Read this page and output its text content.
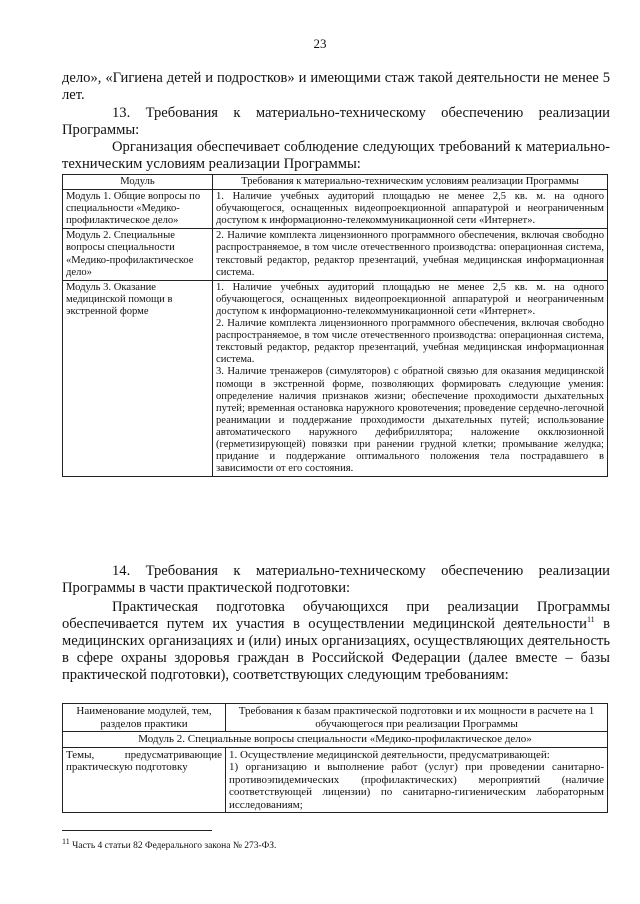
23

дело», «Гигиена детей и подростков» и имеющими стаж такой деятельности не менее 5 лет.

13. Требования к материально-техническому обеспечению реализации Программы:

Организация обеспечивает соблюдение следующих требований к материально-техническим условиям реализации Программы:

Модуль	Требования к материально-техническим условиям реализации Программы
Модуль 1. Общие вопросы по специальности «Медико-профилактическое дело»	1. Наличие учебных аудиторий площадью не менее 2,5 кв. м. на одного обучающегося, оснащенных видеопроекционной аппаратурой и неограниченным доступом к информационно-телекоммуникационной сети «Интернет».
Модуль 2. Специальные вопросы специальности «Медико-профилактическое дело»	2. Наличие комплекта лицензионного программного обеспечения, включая свободно распространяемое, в том числе отечественного производства: операционная система, текстовый редактор, редактор презентаций, учебная медицинская информационная система.
Модуль 3. Оказание медицинской помощи в экстренной форме	1. Наличие учебных аудиторий площадью не менее 2,5 кв. м. на одного обучающегося, оснащенных видеопроекционной аппаратурой и неограниченным доступом к информационно-телекоммуникационной сети «Интернет».
2. Наличие комплекта лицензионного программного обеспечения, включая свободно распространяемое, в том числе отечественного производства: операционная система, текстовый редактор, редактор презентаций, учебная медицинская информационная система.
3. Наличие тренажеров (симуляторов) с обратной связью для оказания медицинской помощи в экстренной форме, позволяющих формировать следующие умения: определение наличия признаков жизни; обеспечение проходимости дыхательных путей; временная остановка наружного кровотечения; проведение сердечно-легочной реанимации и поддержание проходимости дыхательных путей; использование автоматического наружного дефибриллятора; наложение окклюзионной (герметизирующей) повязки при ранении грудной клетки; промывание желудка; придание и поддержание оптимального положения тела пострадавшего в зависимости от его состояния.

14. Требования к материально-техническому обеспечению реализации Программы в части практической подготовки:

Практическая подготовка обучающихся при реализации Программы обеспечивается путем их участия в осуществлении медицинской деятельности$^{11}$ в медицинских организациях и (или) иных организациях, осуществляющих деятельность в сфере охраны здоровья граждан в Российской Федерации (далее вместе – базы практической подготовки), соответствующих следующим требованиям:

Наименование модулей, тем, разделов практики	Требования к базам практической подготовки и их мощности в расчете на 1 обучающегося при реализации Программы
Модуль 2. Специальные вопросы специальности «Медико-профилактическое дело»	
Темы, предусматривающие практическую подготовку	1. Осуществление медицинской деятельности, предусматривающей:
1) организацию и выполнение работ (услуг) при проведении санитарно-противоэпидемических (профилактических) мероприятий (наличие соответствующей лицензии) по санитарно-гигиеническим лабораторным исследованиям;
$^{11}$ Часть 4 статьи 82 Федерального закона № 273-ФЗ.
